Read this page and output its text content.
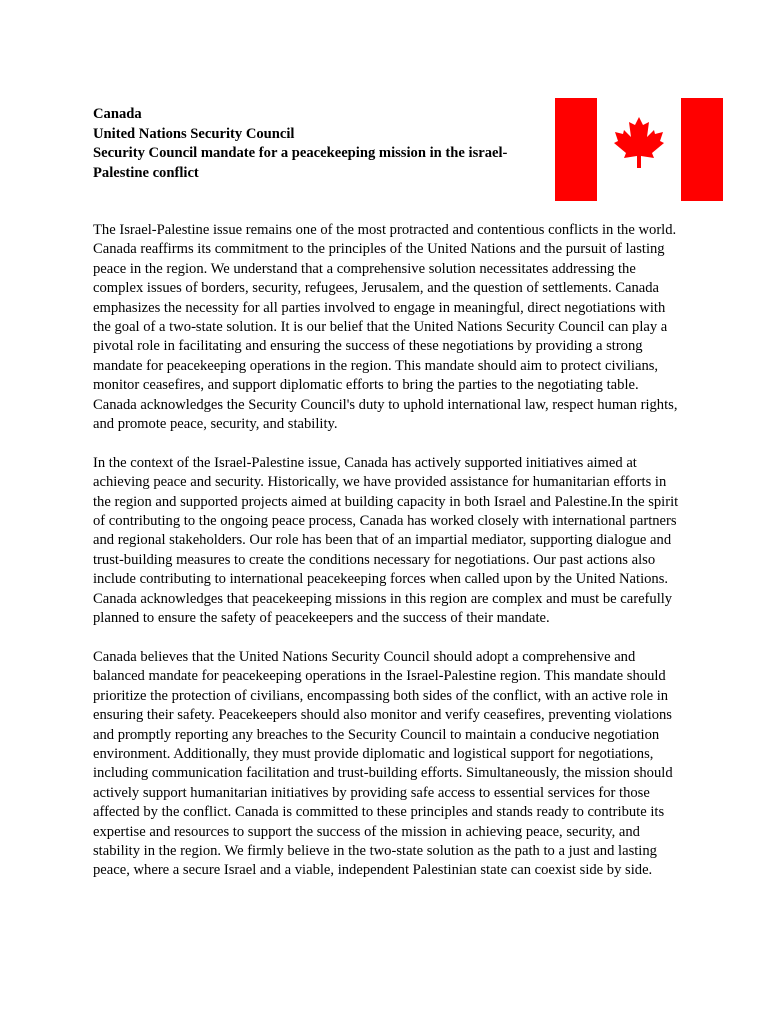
Canada
United Nations Security Council
Security Council mandate for a peacekeeping mission in the israel-Palestine conflict

The Israel-Palestine issue remains one of the most protracted and contentious conflicts in the world. Canada reaffirms its commitment to the principles of the United Nations and the pursuit of lasting peace in the region. We understand that a comprehensive solution necessitates addressing the complex issues of borders, security, refugees, Jerusalem, and the question of settlements. Canada emphasizes the necessity for all parties involved to engage in meaningful, direct negotiations with the goal of a two-state solution. It is our belief that the United Nations Security Council can play a pivotal role in facilitating and ensuring the success of these negotiations by providing a strong mandate for peacekeeping operations in the region. This mandate should aim to protect civilians, monitor ceasefires, and support diplomatic efforts to bring the parties to the negotiating table. Canada acknowledges the Security Council's duty to uphold international law, respect human rights, and promote peace, security, and stability.

In the context of the Israel-Palestine issue, Canada has actively supported initiatives aimed at achieving peace and security. Historically, we have provided assistance for humanitarian efforts in the region and supported projects aimed at building capacity in both Israel and Palestine.In the spirit of contributing to the ongoing peace process, Canada has worked closely with international partners and regional stakeholders. Our role has been that of an impartial mediator, supporting dialogue and trust-building measures to create the conditions necessary for negotiations. Our past actions also include contributing to international peacekeeping forces when called upon by the United Nations. Canada acknowledges that peacekeeping missions in this region are complex and must be carefully planned to ensure the safety of peacekeepers and the success of their mandate.

Canada believes that the United Nations Security Council should adopt a comprehensive and balanced mandate for peacekeeping operations in the Israel-Palestine region. This mandate should prioritize the protection of civilians, encompassing both sides of the conflict, with an active role in ensuring their safety. Peacekeepers should also monitor and verify ceasefires, preventing violations and promptly reporting any breaches to the Security Council to maintain a conducive negotiation environment. Additionally, they must provide diplomatic and logistical support for negotiations, including communication facilitation and trust-building efforts. Simultaneously, the mission should actively support humanitarian initiatives by providing safe access to essential services for those affected by the conflict. Canada is committed to these principles and stands ready to contribute its expertise and resources to support the success of the mission in achieving peace, security, and stability in the region. We firmly believe in the two-state solution as the path to a just and lasting peace, where a secure Israel and a viable, independent Palestinian state can coexist side by side.
